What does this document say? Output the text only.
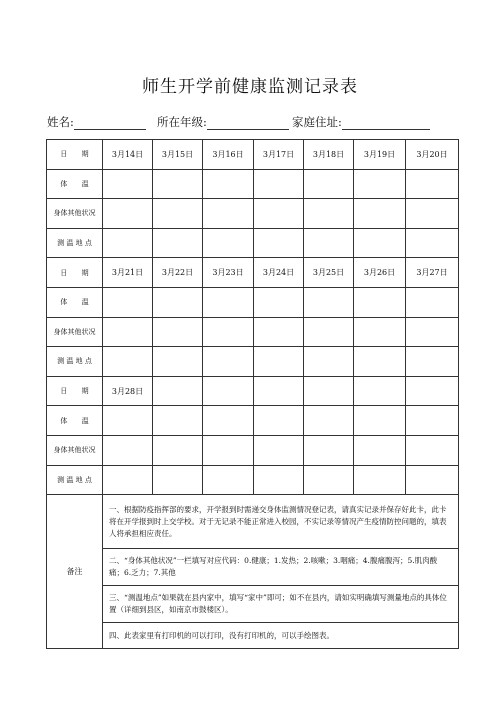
师生开学前健康监测记录表
姓名:	所在年级:	家庭住址:
日 期	3月14日	3月15日	3月16日	3月17日	3月18日	3月19日	3月20日
体 温							
身体其他状况							
测 温 地 点							
日 期	3月21日	3月22日	3月23日	3月24日	3月25日	3月26日	3月27日
体 温							
身体其他状况							
测 温 地 点							
日 期	3月28日						
体 温							
身体其他状况							
测 温 地 点							
备注	一、根据防疫指挥部的要求，开学报到时需递交身体监测情况登记表，请真实记录并保存好此卡，此卡将在开学报到时上交学校。对于无记录不能正常进入校园，不实记录等情况产生疫情防控问题的，填表人将承担相应责任。						
	二、“身体其他状况”一栏填写对应代码：0.健康；1.发热；2.咳嗽；3.咽痛；4.腹痛腹泻；5.肌肉酸痛；6.乏力；7.其他						
	三、“测温地点”如果就在县内家中，填写“家中”即可；如不在县内，请如实明确填写测量地点的具体位置（详细到县区，如南京市鼓楼区）。						
	四、此表家里有打印机的可以打印，没有打印机的，可以手绘图表。						
